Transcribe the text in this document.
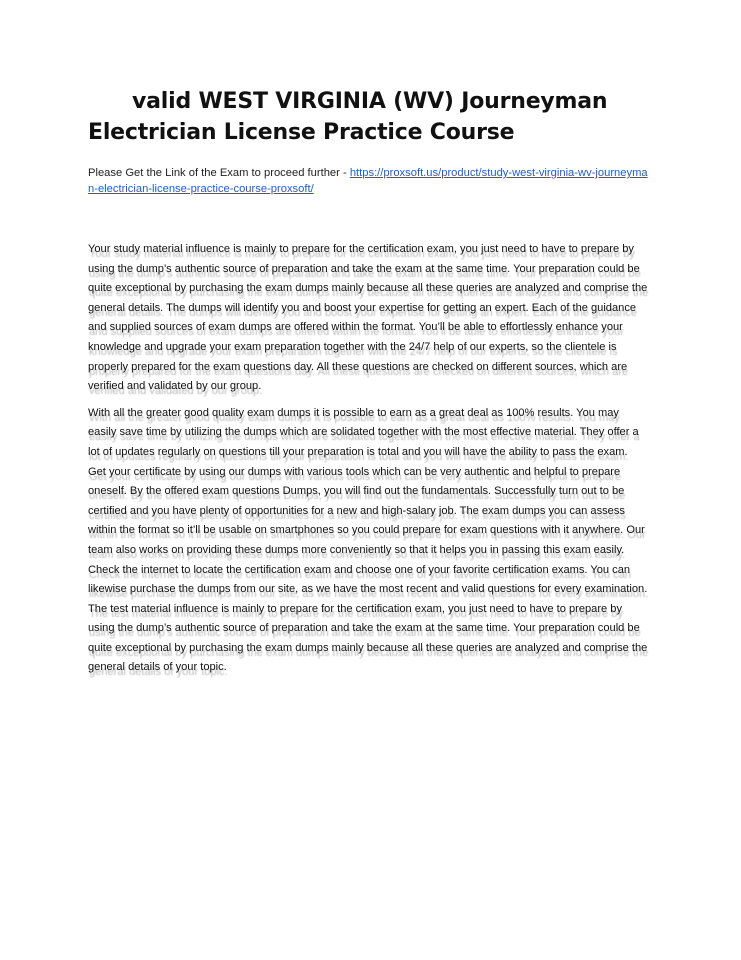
valid WEST VIRGINIA (WV) Journeyman
Electrician License Practice Course

Please Get the Link of the Exam to proceed further - https://proxsoft.us/product/study-west-virginia-wv-journeyman-electrician-license-practice-course-proxsoft/

Your study material influence is mainly to prepare for the certification exam, you just need to have to prepare by using the dump’s authentic source of preparation and take the exam at the same time. Your preparation could be quite exceptional by purchasing the exam dumps mainly because all these queries are analyzed and comprise the general details. The dumps will identify you and boost your expertise for getting an expert. Each of the guidance and supplied sources of exam dumps are offered within the format. You’ll be able to effortlessly enhance your knowledge and upgrade your exam preparation together with the 24/7 help of our experts, so the clientele is properly prepared for the exam questions day. All these questions are checked on different sources, which are verified and validated by our group.

With all the greater good quality exam dumps it is possible to earn as a great deal as 100% results. You may easily save time by utilizing the dumps which are solidated together with the most effective material. They offer a lot of updates regularly on questions till your preparation is total and you will have the ability to pass the exam. Get your certificate by using our dumps with various tools which can be very authentic and helpful to prepare oneself. By the offered exam questions Dumps, you will find out the fundamentals. Successfully turn out to be certified and you have plenty of opportunities for a new and high-salary job. The exam dumps you can assess within the format so it’ll be usable on smartphones so you could prepare for exam questions with it anywhere. Our team also works on providing these dumps more conveniently so that it helps you in passing this exam easily. Check the internet to locate the certification exam and choose one of your favorite certification exams. You can likewise purchase the dumps from our site, as we have the most recent and valid questions for every examination. The test material influence is mainly to prepare for the certification exam, you just need to have to prepare by using the dump’s authentic source of preparation and take the exam at the same time. Your preparation could be quite exceptional by purchasing the exam dumps mainly because all these queries are analyzed and comprise the general details of your topic.
